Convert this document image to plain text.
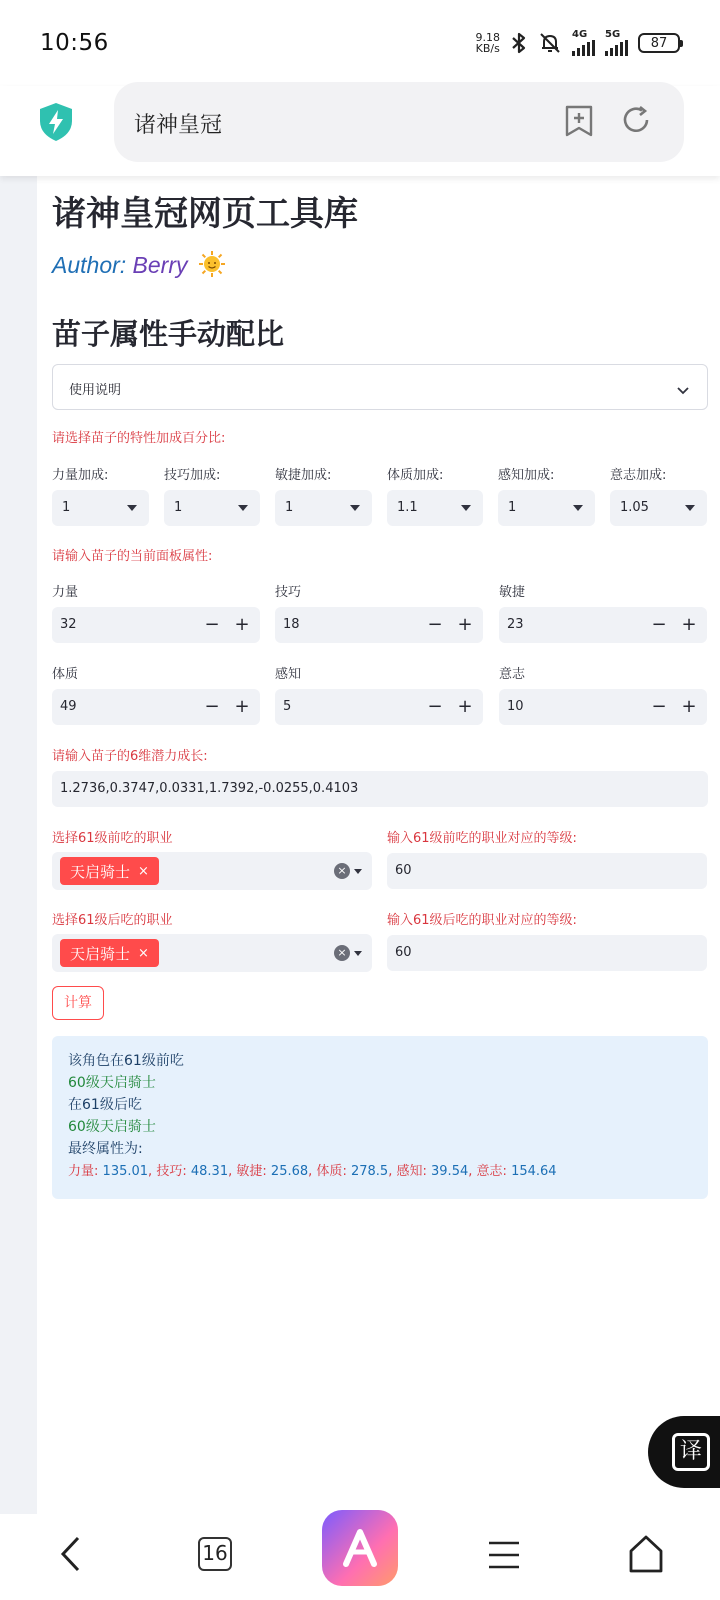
10:56	9.18
KB/s
4G 5G
87
诸神皇冠
诸神皇冠网页工具库
Author: Berry
苗子属性手动配比
使用说明
请选择苗子的特性加成百分比:
力量加成:
1
技巧加成:
1
敏捷加成:
1
体质加成:
1.1
感知加成:
1
意志加成:
1.05
请输入苗子的当前面板属性:
力量
32	− +
技巧
18	− +
敏捷
23	− +
体质
49	− +
感知
5	− +
意志
10	− +
请输入苗子的6维潜力成长:
1.2736,0.3747,0.0331,1.7392,-0.0255,0.4103
选择61级前吃的职业
天启骑士 ×	×
输入61级前吃的职业对应的等级:
60
选择61级后吃的职业
天启骑士 ×	×
输入61级后吃的职业对应的等级:
60
计算
该角色在61级前吃
60级天启骑士
在61级后吃
60级天启骑士
最终属性为:
力量: 135.01, 技巧: 48.31, 敏捷: 25.68, 体质: 278.5, 感知: 39.54, 意志: 154.64
译
16
